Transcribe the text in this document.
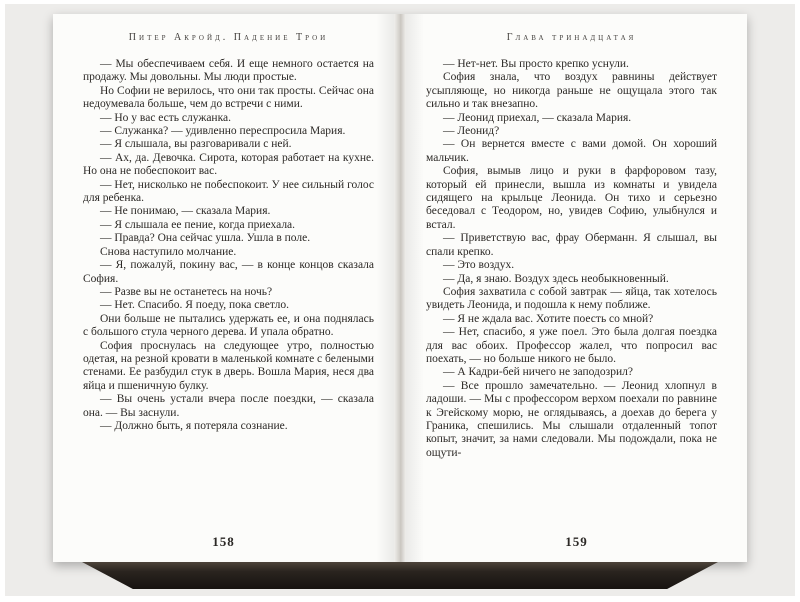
Питер Акройд. Падение Трои

— Мы обеспечиваем себя. И еще немного остается на продажу. Мы довольны. Мы люди простые.

Но Софии не верилось, что они так просты. Сейчас она недоумевала больше, чем до встречи с ними.

— Но у вас есть служанка.

— Служанка? — удивленно переспросила Мария.

— Я слышала, вы разговаривали с ней.

— Ах, да. Девочка. Сирота, которая работает на кухне. Но она не побеспокоит вас.

— Нет, нисколько не побеспокоит. У нее сильный голос для ребенка.

— Не понимаю, — сказала Мария.

— Я слышала ее пение, когда приехала.

— Правда? Она сейчас ушла. Ушла в поле.

Снова наступило молчание.

— Я, пожалуй, покину вас, — в конце концов сказала София.

— Разве вы не останетесь на ночь?

— Нет. Спасибо. Я поеду, пока светло.

Они больше не пытались удержать ее, и она поднялась с большого стула черного дерева. И упала обратно.

София проснулась на следующее утро, полностью одетая, на резной кровати в маленькой комнате с белеными стенами. Ее разбудил стук в дверь. Вошла Мария, неся два яйца и пшеничную булку.

— Вы очень устали вчера после поездки, — сказала она. — Вы заснули.

— Должно быть, я потеряла сознание.

158
Глава тринадцатая

— Нет-нет. Вы просто крепко уснули.

София знала, что воздух равнины действует усыпляюще, но никогда раньше не ощущала этого так сильно и так внезапно.

— Леонид приехал, — сказала Мария.

— Леонид?

— Он вернется вместе с вами домой. Он хороший мальчик.

София, вымыв лицо и руки в фарфоровом тазу, который ей принесли, вышла из комнаты и увидела сидящего на крыльце Леонида. Он тихо и серьезно беседовал с Теодором, но, увидев Софию, улыбнулся и встал.

— Приветствую вас, фрау Оберманн. Я слышал, вы спали крепко.

— Это воздух.

— Да, я знаю. Воздух здесь необыкновенный.

София захватила с собой завтрак — яйца, так хотелось увидеть Леонида, и подошла к нему поближе.

— Я не ждала вас. Хотите поесть со мной?

— Нет, спасибо, я уже поел. Это была долгая поездка для вас обоих. Профессор жалел, что попросил вас поехать, — но больше никого не было.

— А Кадри-бей ничего не заподозрил?

— Все прошло замечательно. — Леонид хлопнул в ладоши. — Мы с профессором верхом поехали по равнине к Эгейскому морю, не оглядываясь, а доехав до берега у Граника, спешились. Мы слышали отдаленный топот копыт, значит, за нами следовали. Мы подождали, пока не ощути-

159
